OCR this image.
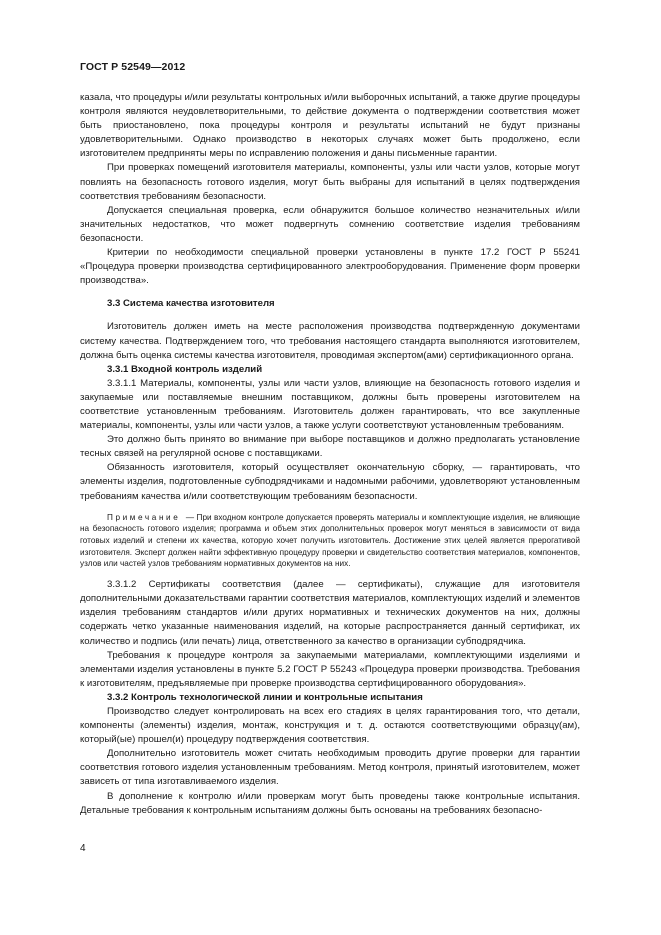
ГОСТ Р 52549—2012

казала, что процедуры и/или результаты контрольных и/или выборочных испытаний, а также другие процедуры контроля являются неудовлетворительными, то действие документа о подтверждении соответствия может быть приостановлено, пока процедуры контроля и результаты испытаний не будут признаны удовлетворительными. Однако производство в некоторых случаях может быть продолжено, если изготовителем предприняты меры по исправлению положения и даны письменные гарантии.

При проверках помещений изготовителя материалы, компоненты, узлы или части узлов, которые могут повлиять на безопасность готового изделия, могут быть выбраны для испытаний в целях подтверждения соответствия требованиям безопасности.

Допускается специальная проверка, если обнаружится большое количество незначительных и/или значительных недостатков, что может подвергнуть сомнению соответствие изделия требованиям безопасности.

Критерии по необходимости специальной проверки установлены в пункте 17.2 ГОСТ Р 55241 «Процедура проверки производства сертифицированного электрооборудования. Применение форм проверки производства».

3.3 Система качества изготовителя

Изготовитель должен иметь на месте расположения производства подтвержденную документами систему качества. Подтверждением того, что требования настоящего стандарта выполняются изготовителем, должна быть оценка системы качества изготовителя, проводимая экспертом(ами) сертификационного органа.

3.3.1 Входной контроль изделий

3.3.1.1 Материалы, компоненты, узлы или части узлов, влияющие на безопасность готового изделия и закупаемые или поставляемые внешним поставщиком, должны быть проверены изготовителем на соответствие установленным требованиям. Изготовитель должен гарантировать, что все закупленные материалы, компоненты, узлы или части узлов, а также услуги соответствуют установленным требованиям.

Это должно быть принято во внимание при выборе поставщиков и должно предполагать установление тесных связей на регулярной основе с поставщиками.

Обязанность изготовителя, который осуществляет окончательную сборку, — гарантировать, что элементы изделия, подготовленные субподрядчиками и надомными рабочими, удовлетворяют установленным требованиям качества и/или соответствующим требованиям безопасности.

Примечание — При входном контроле допускается проверять материалы и комплектующие изделия, не влияющие на безопасность готового изделия; программа и объем этих дополнительных проверок могут меняться в зависимости от вида готовых изделий и степени их качества, которую хочет получить изготовитель. Достижение этих целей является прерогативой изготовителя. Эксперт должен найти эффективную процедуру проверки и свидетельство соответствия материалов, компонентов, узлов или частей узлов требованиям нормативных документов на них.

3.3.1.2 Сертификаты соответствия (далее — сертификаты), служащие для изготовителя дополнительными доказательствами гарантии соответствия материалов, комплектующих изделий и элементов изделия требованиям стандартов и/или других нормативных и технических документов на них, должны содержать четко указанные наименования изделий, на которые распространяется данный сертификат, их количество и подпись (или печать) лица, ответственного за качество в организации субподрядчика.

Требования к процедуре контроля за закупаемыми материалами, комплектующими изделиями и элементами изделия установлены в пункте 5.2 ГОСТ Р 55243 «Процедура проверки производства. Требования к изготовителям, предъявляемые при проверке производства сертифицированного оборудования».

3.3.2 Контроль технологической линии и контрольные испытания

Производство следует контролировать на всех его стадиях в целях гарантирования того, что детали, компоненты (элементы) изделия, монтаж, конструкция и т. д. остаются соответствующими образцу(ам), который(ые) прошел(и) процедуру подтверждения соответствия.

Дополнительно изготовитель может считать необходимым проводить другие проверки для гарантии соответствия готового изделия установленным требованиям. Метод контроля, принятый изготовителем, может зависеть от типа изготавливаемого изделия.

В дополнение к контролю и/или проверкам могут быть проведены также контрольные испытания. Детальные требования к контрольным испытаниям должны быть основаны на требованиях безопасно-

4
